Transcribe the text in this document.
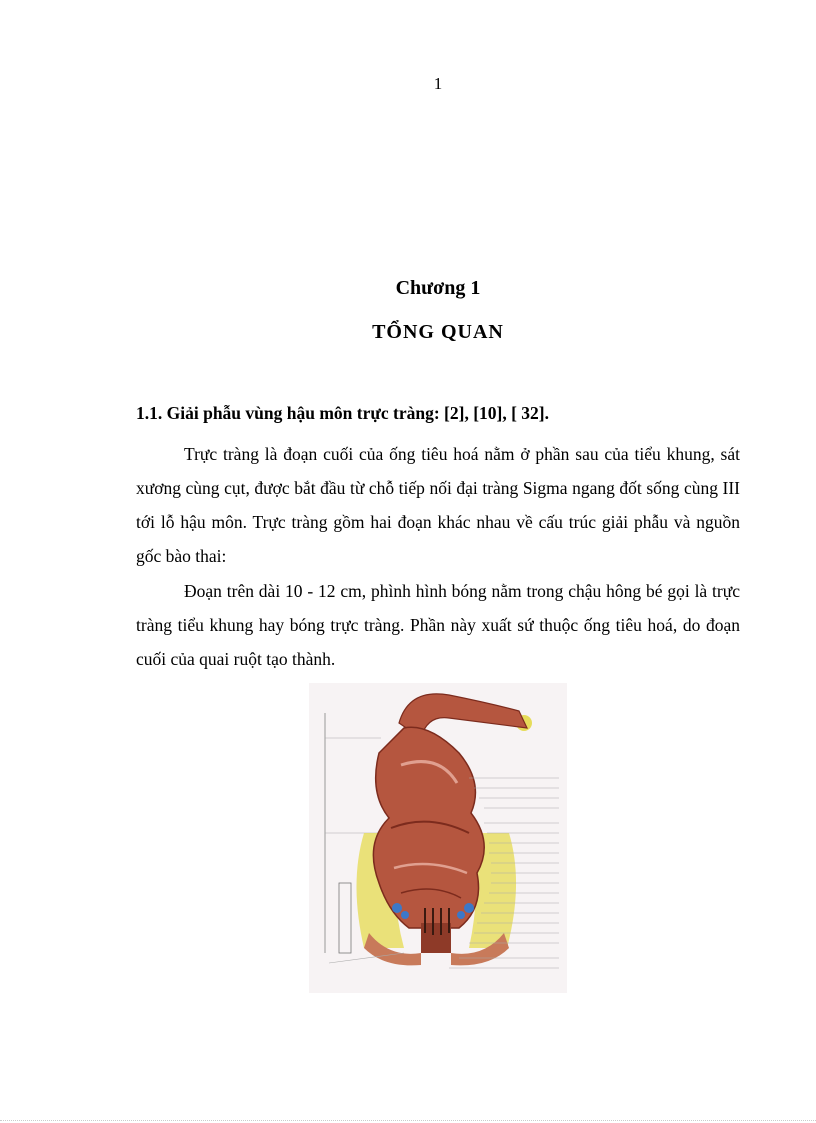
1
Chương 1
TỔNG QUAN
1.1. Giải phẫu vùng hậu môn trực tràng: [2], [10], [ 32].

Trực tràng là đoạn cuối của ống tiêu hoá nằm ở phần sau của tiểu khung, sát xương cùng cụt, được bắt đầu từ chỗ tiếp nối đại tràng Sigma ngang đốt sống cùng III tới lỗ hậu môn. Trực tràng gồm hai đoạn khác nhau về cấu trúc giải phẫu và nguồn gốc bào thai:

Đoạn trên dài 10 - 12 cm, phình hình bóng nằm trong chậu hông bé gọi là trực tràng tiểu khung hay bóng trực tràng. Phần này xuất sứ thuộc ống tiêu hoá, do đoạn cuối của quai ruột tạo thành.
